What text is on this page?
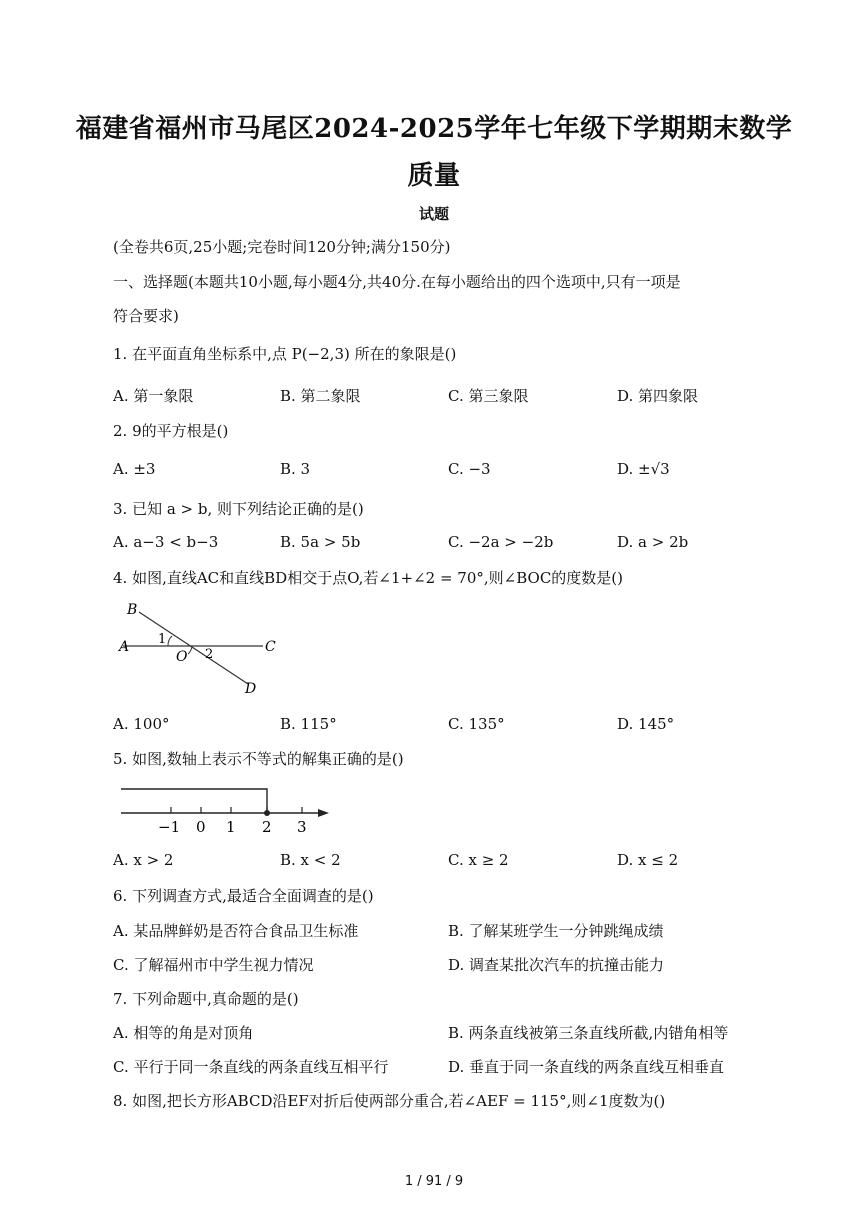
福建省福州市马尾区2024-2025学年七年级下学期期末数学
质量
试题
(全卷共6页,25小题;完卷时间120分钟;满分150分)
一、选择题(本题共10小题,每小题4分,共40分.在每小题给出的四个选项中,只有一项是
符合要求)
1. 在平面直角坐标系中,点 P(−2,3) 所在的象限是()
A. 第一象限	B. 第二象限	C. 第三象限	D. 第四象限
2. 9的平方根是()
A. ±3	B. 3	C. −3	D. ±√3
3. 已知 a > b, 则下列结论正确的是()
A. a−3 < b−3	B. 5a > 5b	C. −2a > −2b	D. a > 2b
4. 如图,直线AC和直线BD相交于点O,若∠1+∠2 = 70°,则∠BOC的度数是()
B
A 1
O 2	C
D
A. 100°	B. 115°	C. 135°	D. 145°
5. 如图,数轴上表示不等式的解集正确的是()
−1 0 1 2 3
A. x > 2	B. x < 2	C. x ≥ 2	D. x ≤ 2
6. 下列调查方式,最适合全面调查的是()
A. 某品牌鲜奶是否符合食品卫生标准	B. 了解某班学生一分钟跳绳成绩
C. 了解福州市中学生视力情况	D. 调查某批次汽车的抗撞击能力
7. 下列命题中,真命题的是()
A. 相等的角是对顶角	B. 两条直线被第三条直线所截,内错角相等
C. 平行于同一条直线的两条直线互相平行	D. 垂直于同一条直线的两条直线互相垂直
8. 如图,把长方形ABCD沿EF对折后使两部分重合,若∠AEF = 115°,则∠1度数为()
1 / 91 / 9
